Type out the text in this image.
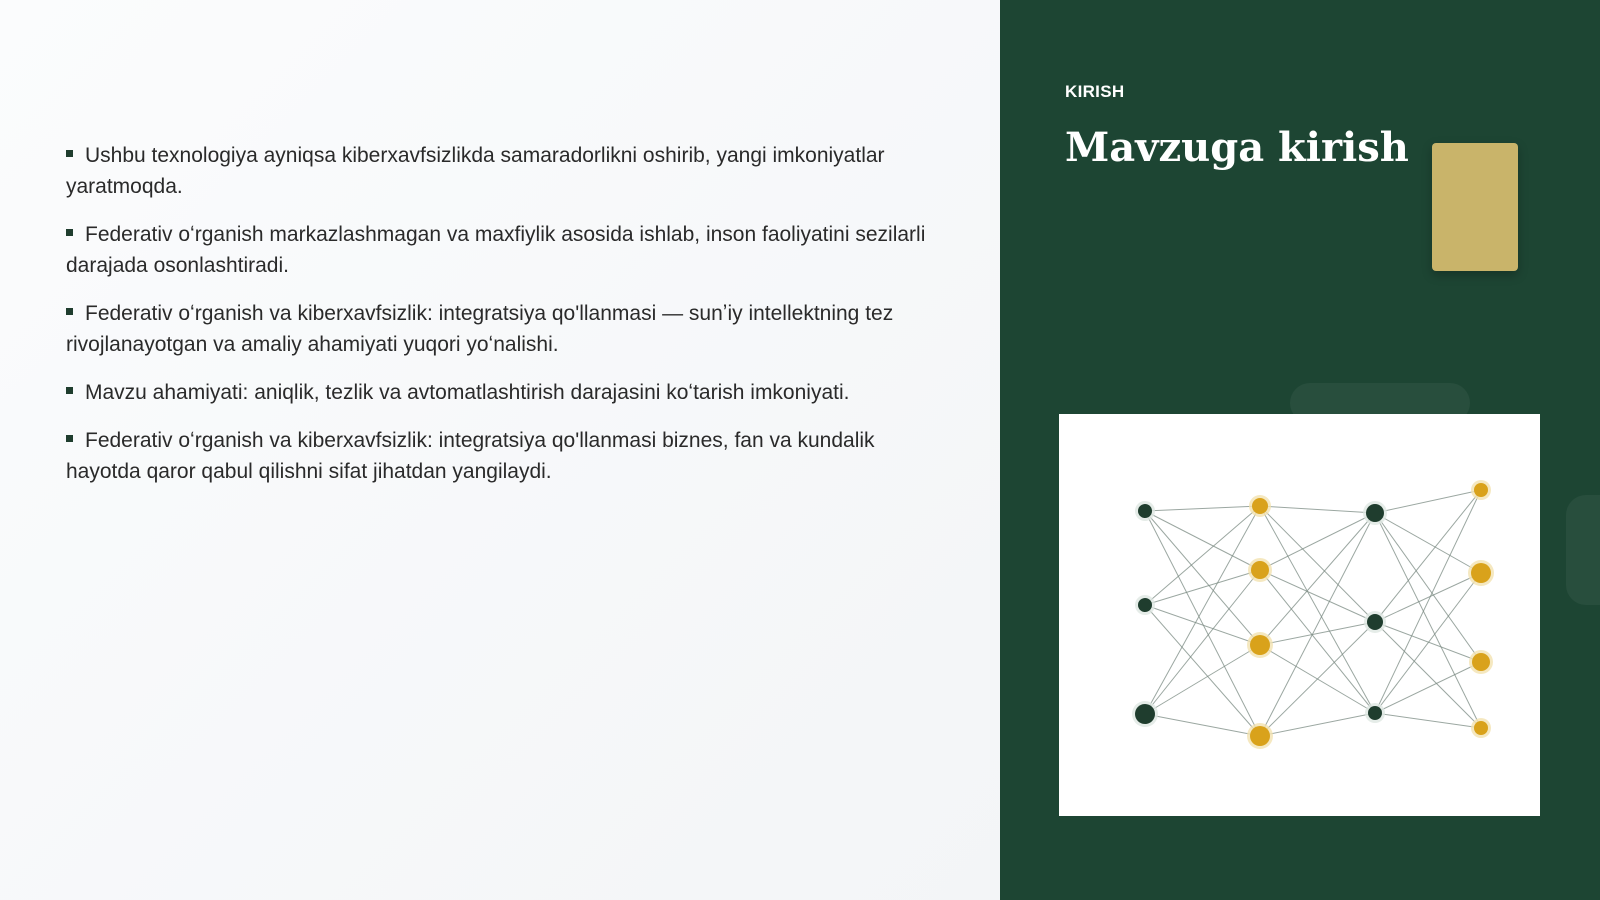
Ushbu texnologiya ayniqsa kiberxavfsizlikda samaradorlikni oshirib, yangi imkoniyatlar yaratmoqda.
Federativ oʻrganish markazlashmagan va maxfiylik asosida ishlab, inson faoliyatini sezilarli darajada osonlashtiradi.
Federativ oʻrganish va kiberxavfsizlik: integratsiya qo'llanmasi — sunʼiy intellektning tez rivojlanayotgan va amaliy ahamiyati yuqori yoʻnalishi.
Mavzu ahamiyati: aniqlik, tezlik va avtomatlashtirish darajasini koʻtarish imkoniyati.
Federativ oʻrganish va kiberxavfsizlik: integratsiya qo'llanmasi biznes, fan va kundalik hayotda qaror qabul qilishni sifat jihatdan yangilaydi.
KIRISH
Mavzuga kirish
